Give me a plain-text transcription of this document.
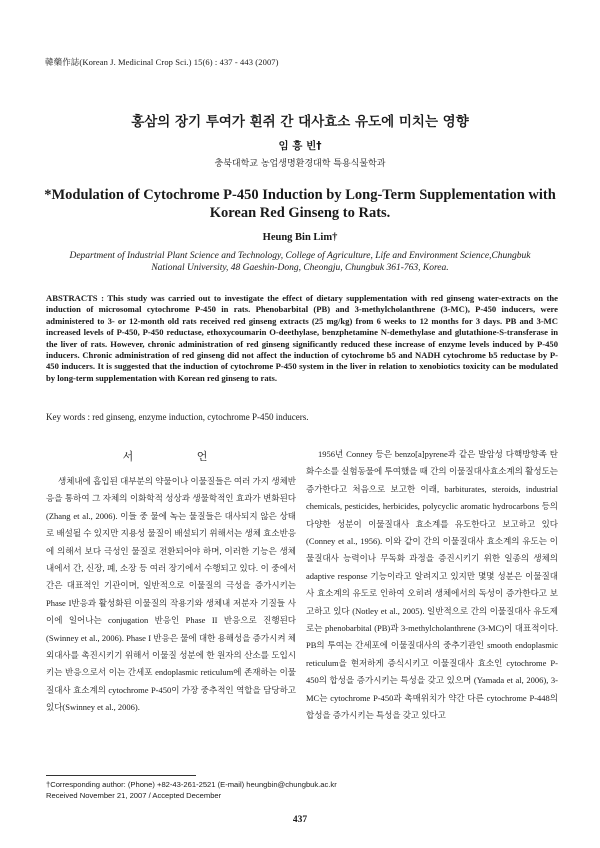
韓藥作誌(Korean J. Medicinal Crop Sci.) 15(6) : 437 - 443 (2007)
홍삼의 장기 투여가 흰쥐 간 대사효소 유도에 미치는 영향
임 흥 빈†
충북대학교 농업생명환경대학 특용식물학과
*Modulation of Cytochrome P-450 Induction by Long-Term Supplementation with Korean Red Ginseng to Rats.
Heung Bin Lim†
Department of Industrial Plant Science and Technology, College of Agriculture, Life and Environment Science,Chungbuk National University, 48 Gaeshin-Dong, Cheongju, Chungbuk 361-763, Korea.
ABSTRACTS : This study was carried out to investigate the effect of dietary supplementation with red ginseng water-extracts on the induction of microsomal cytochrome P-450 in rats. Phenobarbital (PB) and 3-methylcholanthrene (3-MC), P-450 inducers, were administered to 3- or 12-month old rats received red ginseng extracts (25 mg/kg) from 6 weeks to 12 months for 3 days. PB and 3-MC increased levels of P-450, P-450 reductase, ethoxycoumarin O-deethylase, benzphetamine N-demethylase and glutathione-S-transferase in the liver of rats. However, chronic administration of red ginseng significantly reduced these increase of enzyme levels induced by P-450 inducers. Chronic administration of red ginseng did not affect the induction of cytochrome b5 and NADH cytochrome b5 reductase by P-450 inducers. It is suggested that the induction of cytochrome P-450 system in the liver in relation to xenobiotics toxicity can be modulated by long-term supplementation with Korean red ginseng to rats.
Key words : red ginseng, enzyme induction, cytochrome P-450 inducers.
서 언

생체내에 흡입된 대부분의 약물이나 이물질들은 여러 가지 생체반응을 통하여 그 자체의 이화학적 성상과 생물학적인 효과가 변화된다(Zhang et al., 2006). 이들 중 물에 녹는 물질들은 대사되지 않은 상태로 배설될 수 있지만 지용성 물질이 배설되기 위해서는 생체 효소반응에 의해서 보다 극성인 물질로 전환되어야 하며, 이러한 기능은 생체내에서 간, 신장, 폐, 소장 등 여러 장기에서 수행되고 있다. 이 중에서 간은 대표적인 기관이며, 일반적으로 이물질의 극성을 증가시키는 Phase I반응과 활성화된 이물질의 작용기와 생체내 저분자 기질들 사이에 일어나는 conjugation 반응인 Phase II 반응으로 진행된다(Swinney et al., 2006). Phase I 반응은 물에 대한 용해성을 증가시켜 체외대사를 촉진시키기 위해서 이물질 성분에 한 원자의 산소를 도입시키는 반응으로서 이는 간세포 endoplasmic reticulum에 존재하는 이물질대사 효소계의 cytochrome P-450이 가장 중추적인 역할을 담당하고 있다(Swinney et al., 2006).

1956년 Conney 등은 benzo[a]pyrene과 같은 발암성 다핵방향족 탄화수소를 실험동물에 투여했을 때 간의 이물질대사효소계의 활성도는 증가한다고 처음으로 보고한 이래, barbiturates, steroids, industrial chemicals, pesticides, herbicides, polycyclic aromatic hydrocarbons 등의 다양한 성분이 이물질대사 효소계를 유도한다고 보고하고 있다 (Conney et al., 1956). 이와 같이 간의 이물질대사 효소계의 유도는 이물질대사 능력이나 무독화 과정을 증진시키기 위한 일종의 생체의 adaptive response 기능이라고 알려지고 있지만 몇몇 성분은 이물질대사 효소계의 유도로 인하여 오히려 생체에서의 독성이 증가한다고 보고하고 있다 (Notley et al., 2005). 일반적으로 간의 이물질대사 유도제로는 phenobarbital (PB)과 3-methylcholanthrene (3-MC)이 대표적이다. PB의 투여는 간세포에 이물질대사의 중추기관인 smooth endoplasmic reticulum을 현저하게 증식시키고 이물질대사 효소인 cytochrome P-450의 합성을 증가시키는 특성을 갖고 있으며 (Yamada et al, 2006), 3-MC는 cytochrome P-450과 촉매위치가 약간 다른 cytochrome P-448의 합성을 증가시키는 특성을 갖고 있다고

†Corresponding author: (Phone) +82-43-261-2521 (E-mail) heungbin@chungbuk.ac.kr
Received November 21, 2007 / Accepted December
437
